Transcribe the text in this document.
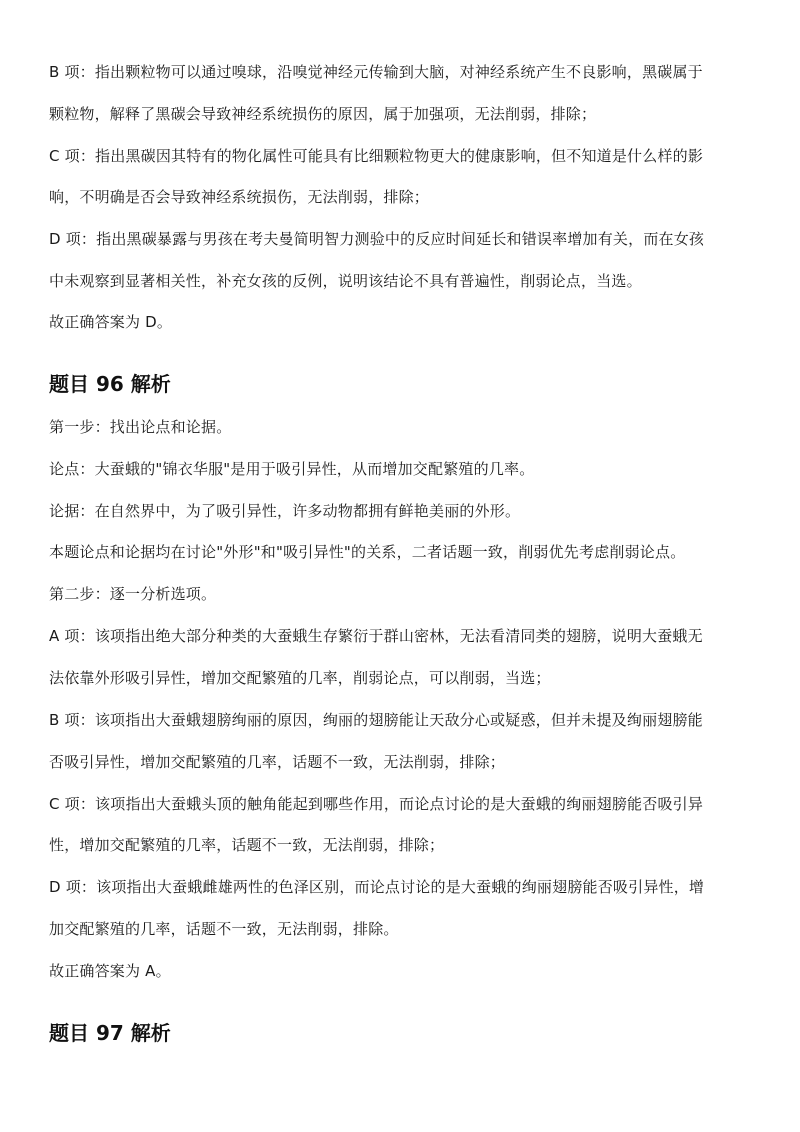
B 项：指出颗粒物可以通过嗅球，沿嗅觉神经元传输到大脑，对神经系统产生不良影响，黑碳属于
颗粒物，解释了黑碳会导致神经系统损伤的原因，属于加强项，无法削弱，排除；
C 项：指出黑碳因其特有的物化属性可能具有比细颗粒物更大的健康影响，但不知道是什么样的影
响，不明确是否会导致神经系统损伤，无法削弱，排除；
D 项：指出黑碳暴露与男孩在考夫曼简明智力测验中的反应时间延长和错误率增加有关，而在女孩
中未观察到显著相关性，补充女孩的反例，说明该结论不具有普遍性，削弱论点，当选。
故正确答案为 D。
题目 96 解析
第一步：找出论点和论据。
论点：大蚕蛾的"锦衣华服"是用于吸引异性，从而增加交配繁殖的几率。
论据：在自然界中，为了吸引异性，许多动物都拥有鲜艳美丽的外形。
本题论点和论据均在讨论"外形"和"吸引异性"的关系，二者话题一致，削弱优先考虑削弱论点。
第二步：逐一分析选项。
A 项：该项指出绝大部分种类的大蚕蛾生存繁衍于群山密林，无法看清同类的翅膀，说明大蚕蛾无
法依靠外形吸引异性，增加交配繁殖的几率，削弱论点，可以削弱，当选；
B 项：该项指出大蚕蛾翅膀绚丽的原因，绚丽的翅膀能让天敌分心或疑惑，但并未提及绚丽翅膀能
否吸引异性，增加交配繁殖的几率，话题不一致，无法削弱，排除；
C 项：该项指出大蚕蛾头顶的触角能起到哪些作用，而论点讨论的是大蚕蛾的绚丽翅膀能否吸引异
性，增加交配繁殖的几率，话题不一致，无法削弱，排除；
D 项：该项指出大蚕蛾雌雄两性的色泽区别，而论点讨论的是大蚕蛾的绚丽翅膀能否吸引异性，增
加交配繁殖的几率，话题不一致，无法削弱，排除。
故正确答案为 A。
题目 97 解析
